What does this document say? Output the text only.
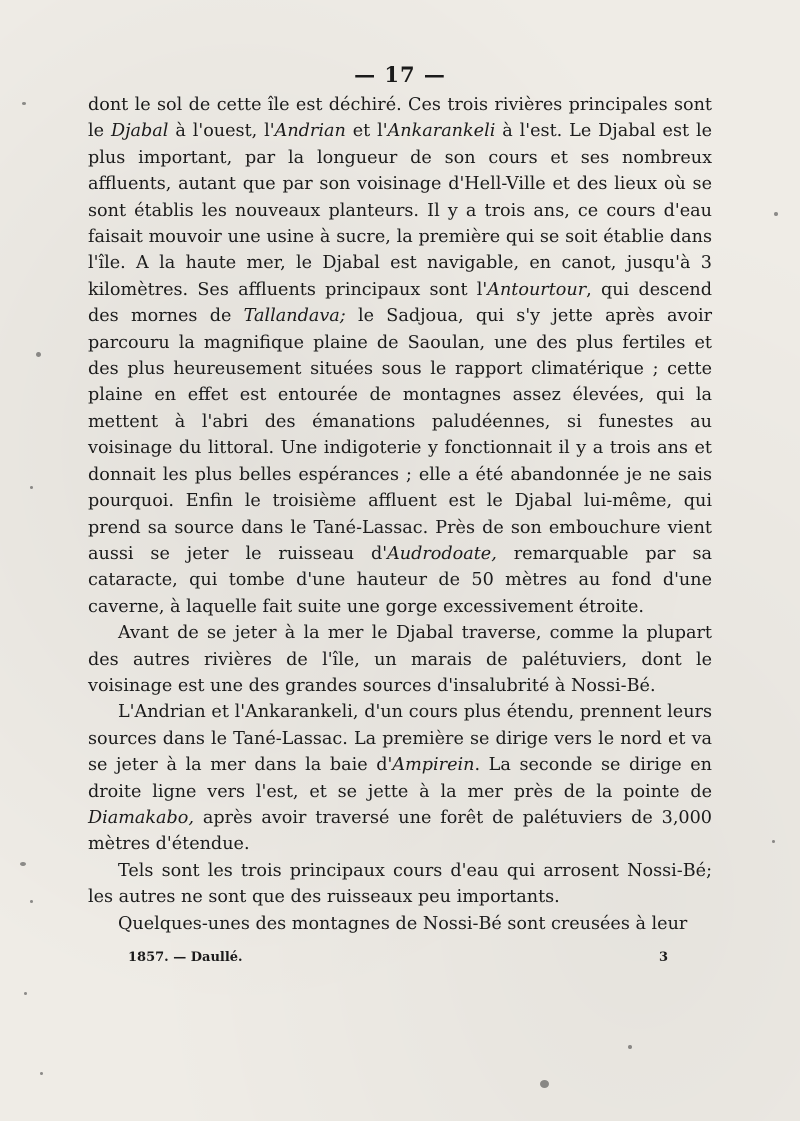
— 17 —

dont le sol de cette île est déchiré. Ces trois rivières principales sont le Djabal à l'ouest, l'Andrian et l'Ankarankeli à l'est. Le Djabal est le plus important, par la longueur de son cours et ses nombreux affluents, autant que par son voisinage d'Hell-Ville et des lieux où se sont établis les nouveaux planteurs. Il y a trois ans, ce cours d'eau faisait mouvoir une usine à sucre, la première qui se soit établie dans l'île. A la haute mer, le Djabal est navigable, en canot, jusqu'à 3 kilomètres. Ses affluents principaux sont l'Antourtour, qui descend des mornes de Tallandava; le Sadjoua, qui s'y jette après avoir parcouru la magnifique plaine de Saoulan, une des plus fertiles et des plus heureusement situées sous le rapport climatérique ; cette plaine en effet est entourée de montagnes assez élevées, qui la mettent à l'abri des émanations paludéennes, si funestes au voisinage du littoral. Une indigoterie y fonctionnait il y a trois ans et donnait les plus belles espérances ; elle a été abandonnée je ne sais pourquoi. Enfin le troisième affluent est le Djabal lui-même, qui prend sa source dans le Tané-Lassac. Près de son embouchure vient aussi se jeter le ruisseau d'Audrodoate, remarquable par sa cataracte, qui tombe d'une hauteur de 50 mètres au fond d'une caverne, à laquelle fait suite une gorge excessivement étroite.

Avant de se jeter à la mer le Djabal traverse, comme la plupart des autres rivières de l'île, un marais de palétuviers, dont le voisinage est une des grandes sources d'insalubrité à Nossi-Bé.

L'Andrian et l'Ankarankeli, d'un cours plus étendu, prennent leurs sources dans le Tané-Lassac. La première se dirige vers le nord et va se jeter à la mer dans la baie d'Ampirein. La seconde se dirige en droite ligne vers l'est, et se jette à la mer près de la pointe de Diamakabo, après avoir traversé une forêt de palétuviers de 3,000 mètres d'étendue.

Tels sont les trois principaux cours d'eau qui arrosent Nossi-Bé; les autres ne sont que des ruisseaux peu importants.

Quelques-unes des montagnes de Nossi-Bé sont creusées à leur

1857. — Daullé.	3
